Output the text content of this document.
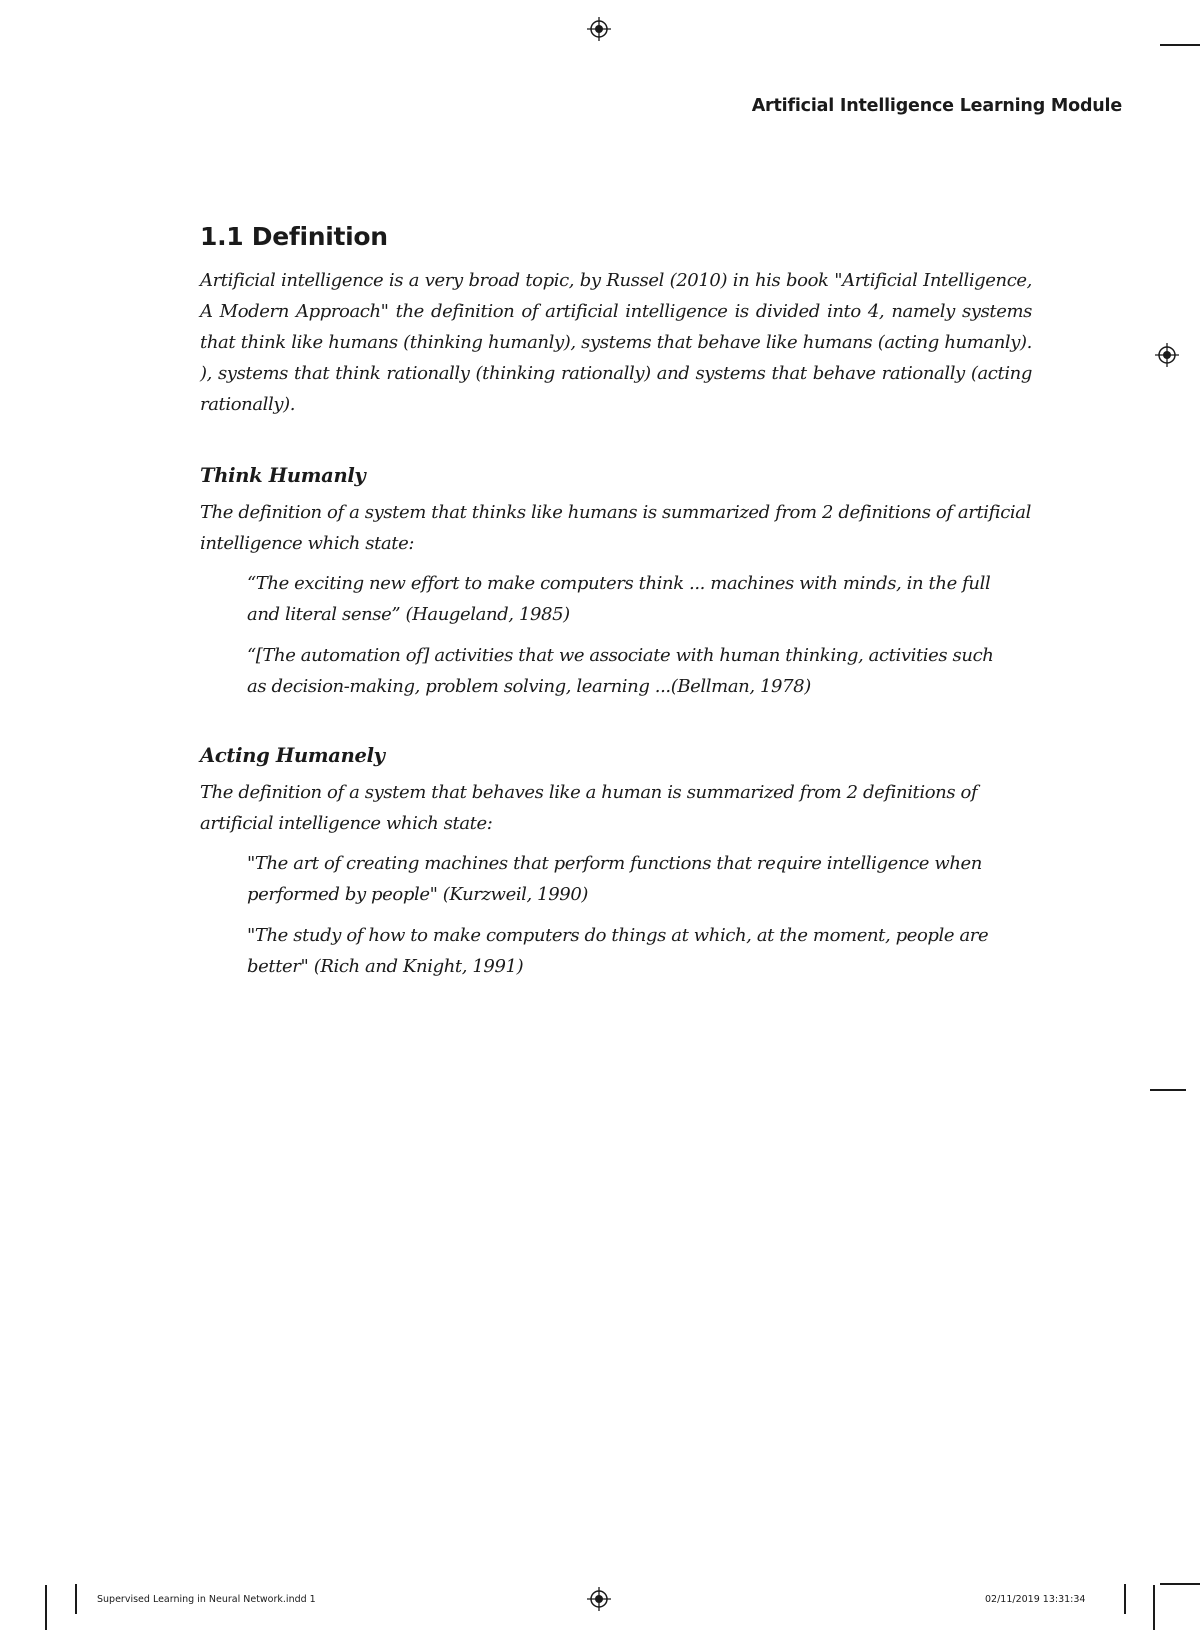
Artificial Intelligence Learning Module
1.1 Definition

Artificial intelligence is a very broad topic, by Russel (2010) in his book "Artificial Intelligence, A Modern Approach" the definition of artificial intelligence is divided into 4, namely systems that think like humans (thinking humanly), systems that behave like humans (acting humanly). ), systems that think rationally (thinking rationally) and systems that behave rationally (acting rationally).

Think Humanly

The definition of a system that thinks like humans is summarized from 2 definitions of artificial intelligence which state:

“The exciting new effort to make computers think ... machines with minds, in the full and literal sense” (Haugeland, 1985)

“[The automation of] activities that we associate with human thinking, activities such as decision-making, problem solving, learning ...(Bellman, 1978)

Acting Humanely

The definition of a system that behaves like a human is summarized from 2 definitions of artificial intelligence which state:

"The art of creating machines that perform functions that require intelligence when performed by people" (Kurzweil, 1990)

"The study of how to make computers do things at which, at the moment, people are better" (Rich and Knight, 1991)

Supervised Learning in Neural Network.indd 1	02/11/2019 13:31:34
